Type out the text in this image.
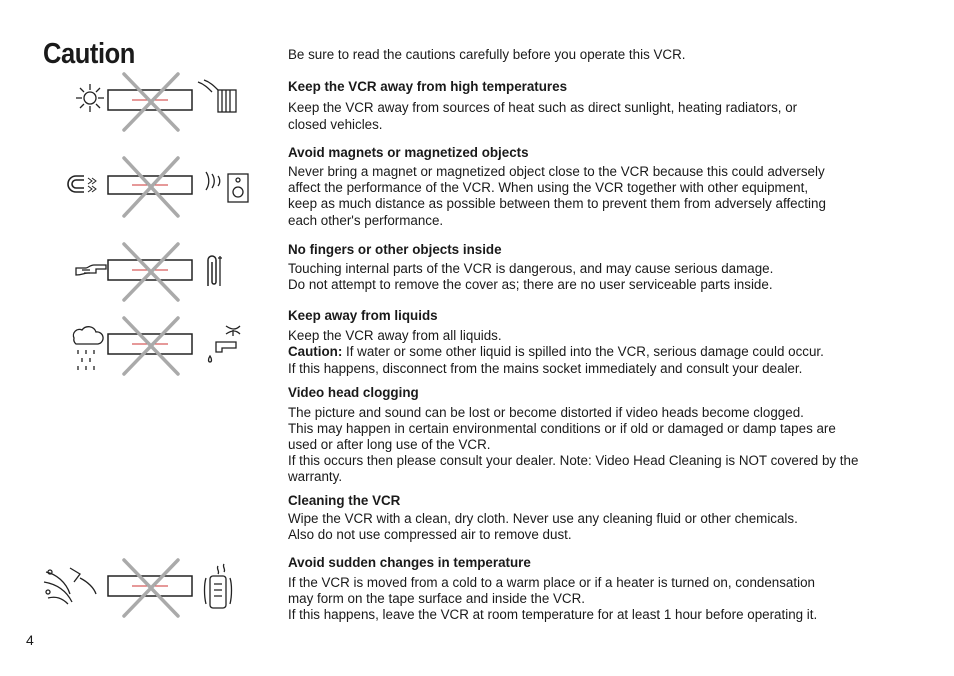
Caution
4

Be sure to read the cautions carefully before you operate this VCR.

Keep the VCR away from high temperatures

Keep the VCR away from sources of heat such as direct sunlight, heating radiators, or

closed vehicles.

Avoid magnets or magnetized objects

Never bring a magnet or magnetized object close to the VCR because this could adversely

affect the performance of the VCR. When using the VCR together with other equipment,

keep as much distance as possible between them to prevent them from adversely affecting

each other's performance.

No fingers or other objects inside

Touching internal parts of the VCR is dangerous, and may cause serious damage.

Do not attempt to remove the cover as; there are no user serviceable parts inside.

Keep away from liquids

Keep the VCR away from all liquids.

Caution: If water or some other liquid is spilled into the VCR, serious damage could occur.

If this happens, disconnect from the mains socket immediately and consult your dealer.

Video head clogging

The picture and sound can be lost or become distorted if video heads become clogged.

This may happen in certain environmental conditions or if old or damaged or damp tapes are

used or after long use of the VCR.

If this occurs then please consult your dealer. Note: Video Head Cleaning is NOT covered by the

warranty.

Cleaning the VCR

Wipe the VCR with a clean, dry cloth. Never use any cleaning fluid or other chemicals.

Also do not use compressed air to remove dust.

Avoid sudden changes in temperature

If the VCR is moved from a cold to a warm place or if a heater is turned on, condensation

may form on the tape surface and inside the VCR.

If this happens, leave the VCR at room temperature for at least 1 hour before operating it.
